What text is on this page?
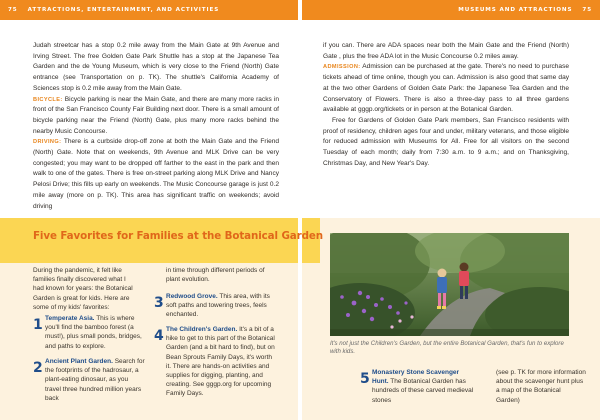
75 ATTRACTIONS, ENTERTAINMENT, AND ACTIVITIES	MUSEUMS AND ATTRACTIONS 75

Judah streetcar has a stop 0.2 mile away from the Main Gate at 9th Avenue and Irving Street. The free Golden Gate Park Shuttle has a stop at the Japanese Tea Garden and the de Young Museum, which is very close to the Friend (North) Gate entrance (see Transportation on p. TK). The shuttle's California Academy of Sciences stop is 0.2 mile away from the Main Gate.

BICYCLE: Bicycle parking is near the Main Gate, and there are many more racks in front of the San Francisco County Fair Building next door. There is a small amount of bicycle parking near the Friend (North) Gate, plus many more racks behind the nearby Music Concourse.

DRIVING: There is a curbside drop-off zone at both the Main Gate and the Friend (North) Gate. Note that on weekends, 9th Avenue and MLK Drive can be very congested; you may want to be dropped off farther to the east in the park and then walk to one of the gates. There is free on-street parking along MLK Drive and Nancy Pelosi Drive; this fills up early on weekends. The Music Concourse garage is just 0.2 mile away (more on p. TK). This area has significant traffic on weekends; avoid driving

if you can. There are ADA spaces near both the Main Gate and the Friend (North) Gate , plus the free ADA lot in the Music Concourse 0.2 miles away.

ADMISSION: Admission can be purchased at the gate. There's no need to purchase tickets ahead of time online, though you can. Admission is also good that same day at the two other Gardens of Golden Gate Park: the Japanese Tea Garden and the Conservatory of Flowers. There is also a three-day pass to all three gardens available at gggp.org/tickets or in person at the Botanical Garden.

Free for Gardens of Golden Gate Park members, San Francisco residents with proof of residency, children ages four and under, military veterans, and those eligible for reduced admission with Museums for All. Free for all visitors on the second Tuesday of each month; daily from 7:30 a.m. to 9 a.m.; and on Thanksgiving, Christmas Day, and New Year's Day.

Five Favorites for Families at the Botanical Garden
During the pandemic, it felt like families finally discovered what I had known for years: the Botanical Garden is great for kids. Here are some of my kids' favorites:
1 Temperate Asia. This is where you'll find the bamboo forest (a must!), plus small ponds, bridges, and paths to explore.
2 Ancient Plant Garden. Search for the footprints of the hadrosaur, a plant-eating dinosaur, as you travel three hundred million years back
in time through different periods of plant evolution.
3 Redwood Grove. This area, with its soft paths and towering trees, feels enchanted.
4 The Children's Garden. It's a bit of a hike to get to this part of the Botanical Garden (and a bit hard to find), but on Bean Sprouts Family Days, it's worth it. There are hands-on activities and supplies for digging, planting, and creating. See gggp.org for upcoming Family Days.
5 Monastery Stone Scavenger Hunt. The Botanical Garden has hundreds of these carved medieval stones
(see p. TK for more information about the scavenger hunt plus a map of the Botanical Garden)
It's not just the Children's Garden, but the entire Botanical Garden, that's fun to explore with kids.
